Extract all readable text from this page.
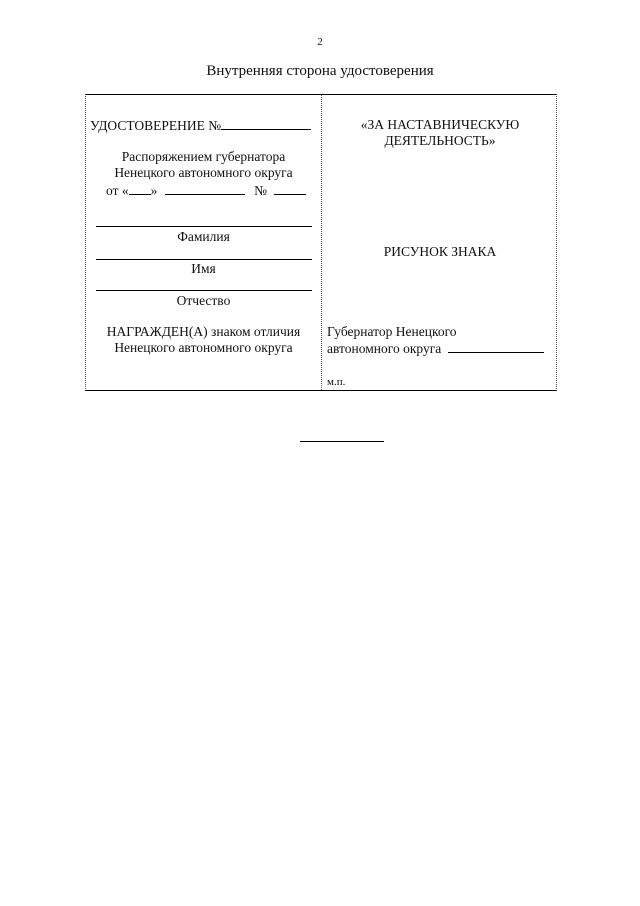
2
Внутренняя сторона удостоверения
УДОСТОВЕРЕНИЕ №
Распоряжением губернатора
Ненецкого автономного округа
от « »	№
Фамилия
Имя
Отчество
НАГРАЖДЕН(А) знаком отличия
Ненецкого автономного округа
«ЗА НАСТАВНИЧЕСКУЮ
ДЕЯТЕЛЬНОСТЬ»
РИСУНОК ЗНАКА
Губернатор Ненецкого
автономного округа
м.п.
